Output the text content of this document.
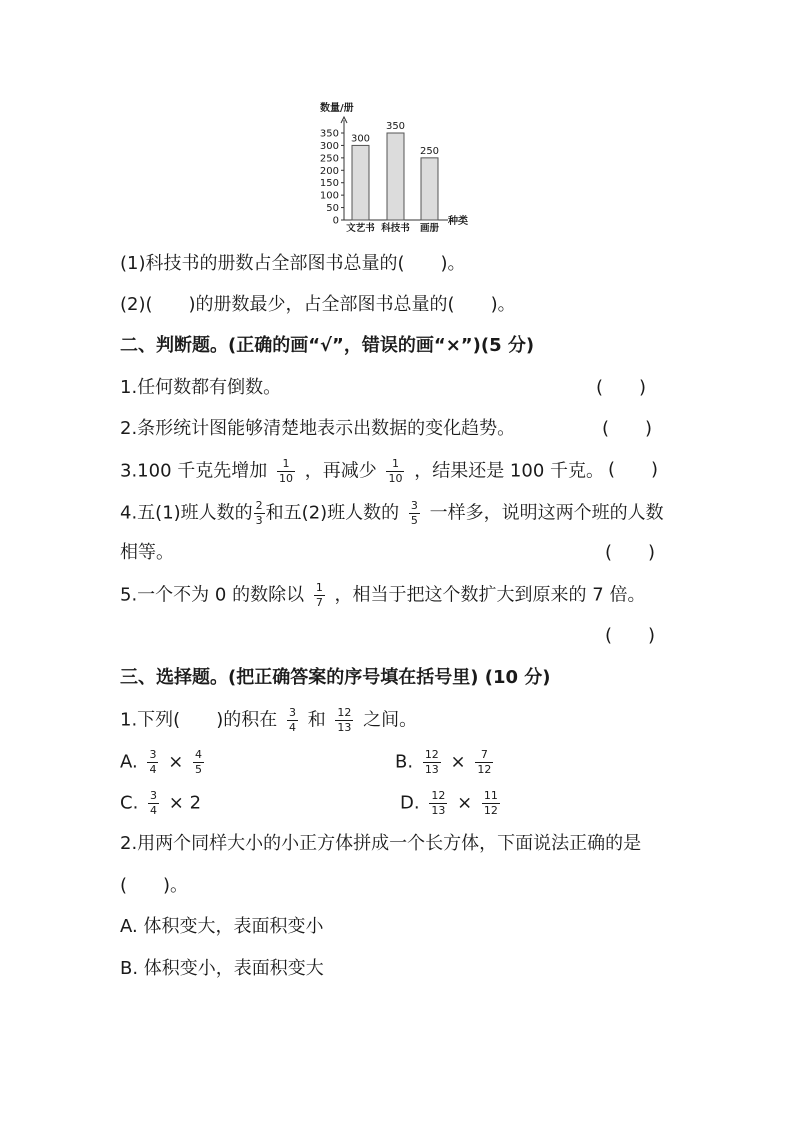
数量/册
350
300
250
200
150
100
50
0
300
350
250
文艺书 科技书 画册
种类
(1)科技书的册数占全部图书总量的(　　)。
(2)(　　)的册数最少，占全部图书总量的(　　)。
二、判断题。(正确的画“√”，错误的画“×”)(5 分)
1.任何数都有倒数。	(　　)
2.条形统计图能够清楚地表示出数据的变化趋势。	(　　)
3.100 千克先增加 $\frac{1}{10}$ ，再减少 $\frac{1}{10}$ ，结果还是 100 千克。 (　　)
4.五(1)班人数的 $\frac{2}{3}$ 和五(2)班人数的 $\frac{3}{5}$ 一样多，说明这两个班的人数
相等。	(　　)
5.一个不为 0 的数除以 $\frac{1}{7}$ ，相当于把这个数扩大到原来的 7 倍。
(　　)
三、选择题。(把正确答案的序号填在括号里) (10 分)
1.下列(　　)的积在 $\frac{3}{4}$ 和 $\frac{12}{13}$ 之间。
A. $\frac{3}{4} \times \frac{4}{5}$	B. $\frac{12}{13} \times \frac{7}{12}$
C. $\frac{3}{4} \times 2$	D. $\frac{12}{13} \times \frac{11}{12}$
2.用两个同样大小的小正方体拼成一个长方体，下面说法正确的是
(　　)。
A. 体积变大，表面积变小
B. 体积变小，表面积变大
